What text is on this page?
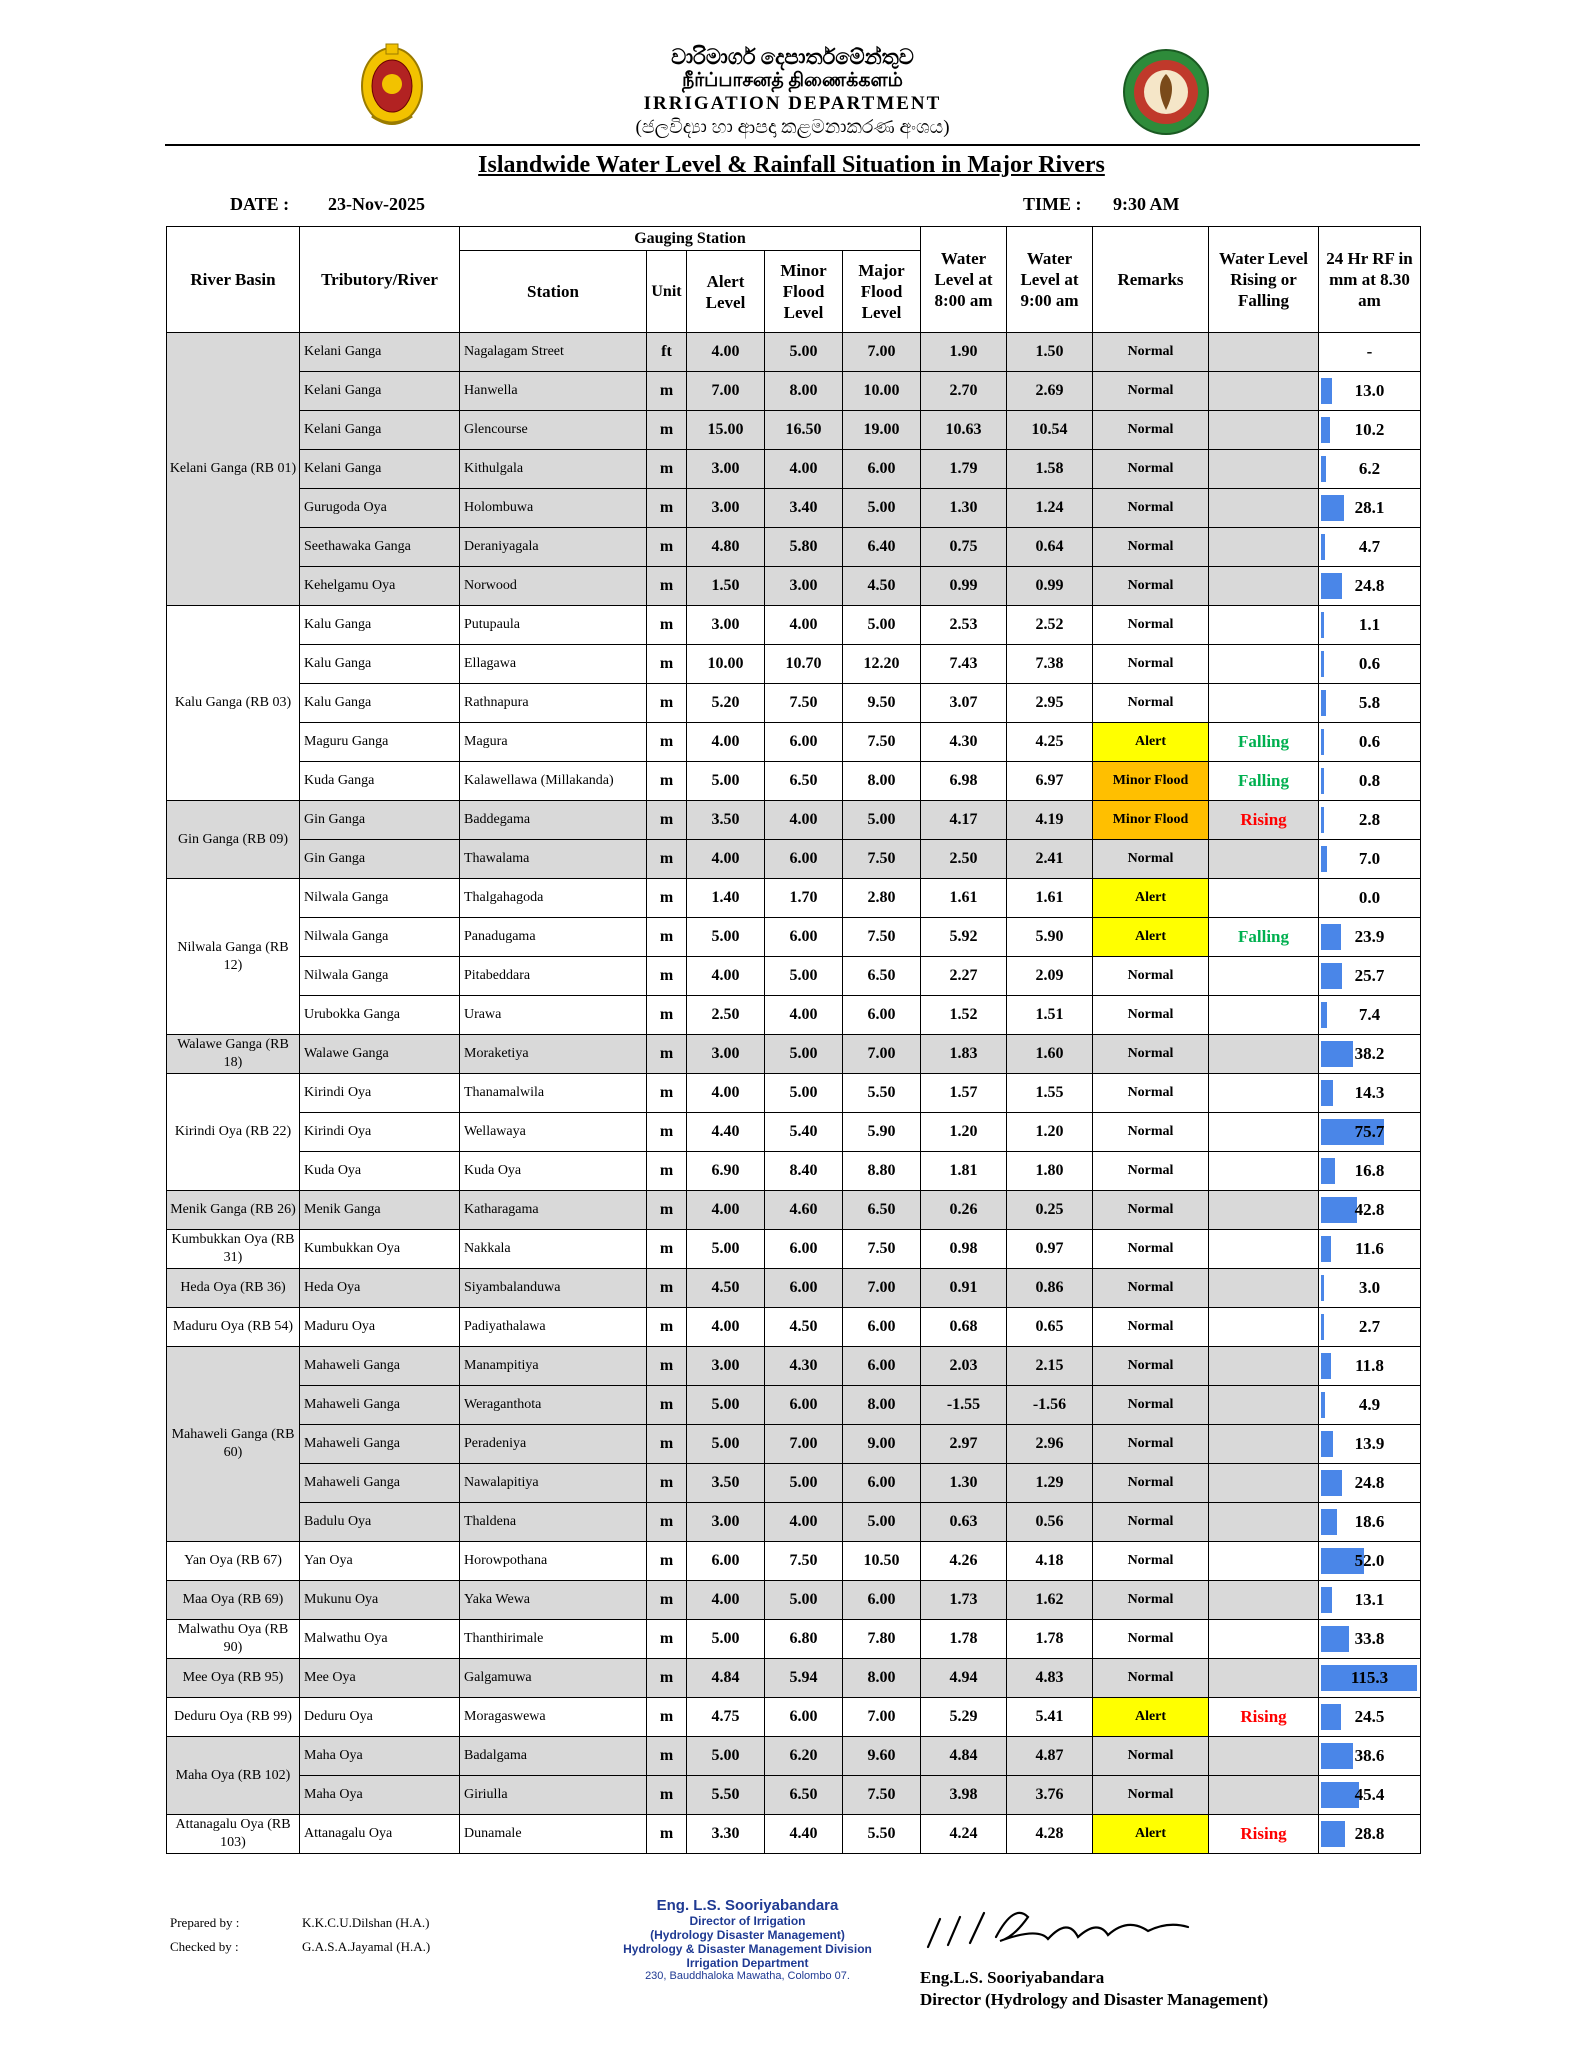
වාරිමාර්ග දෙපාර්තමේන්තුව
நீர்ப்பாசனத் திணைக்களம்
IRRIGATION DEPARTMENT
(ජලවිද්‍යා හා ආපදා කළමනාකරණ අංශය)
Islandwide Water Level & Rainfall Situation in Major Rivers
DATE : 23-Nov-2025	TIME : 9:30 AM
River Basin	Tributory/River	Gauging Station					Water Level at 8:00 am	Water Level at 9:00 am	Remarks	Water Level Rising or Falling	24 Hr RF in mm at 8.30 am
		Station	Unit	Alert Level	Minor Flood Level	Major Flood Level					
Kelani Ganga (RB 01)	Kelani Ganga	Nagalagam Street	ft	4.00	5.00	7.00	1.90	1.50	Normal		-
	Kelani Ganga	Hanwella	m	7.00	8.00	10.00	2.70	2.69	Normal		13.0
	Kelani Ganga	Glencourse	m	15.00	16.50	19.00	10.63	10.54	Normal		10.2
	Kelani Ganga	Kithulgala	m	3.00	4.00	6.00	1.79	1.58	Normal		6.2
	Gurugoda Oya	Holombuwa	m	3.00	3.40	5.00	1.30	1.24	Normal		28.1
	Seethawaka Ganga	Deraniyagala	m	4.80	5.80	6.40	0.75	0.64	Normal		4.7
	Kehelgamu Oya	Norwood	m	1.50	3.00	4.50	0.99	0.99	Normal		24.8
Kalu Ganga (RB 03)	Kalu Ganga	Putupaula	m	3.00	4.00	5.00	2.53	2.52	Normal		1.1
	Kalu Ganga	Ellagawa	m	10.00	10.70	12.20	7.43	7.38	Normal		0.6
	Kalu Ganga	Rathnapura	m	5.20	7.50	9.50	3.07	2.95	Normal		5.8
	Maguru Ganga	Magura	m	4.00	6.00	7.50	4.30	4.25	Alert	Falling	0.6
	Kuda Ganga	Kalawellawa (Millakanda)	m	5.00	6.50	8.00	6.98	6.97	Minor Flood	Falling	0.8
Gin Ganga (RB 09)	Gin Ganga	Baddegama	m	3.50	4.00	5.00	4.17	4.19	Minor Flood	Rising	2.8
	Gin Ganga	Thawalama	m	4.00	6.00	7.50	2.50	2.41	Normal		7.0
Nilwala Ganga (RB 12)	Nilwala Ganga	Thalgahagoda	m	1.40	1.70	2.80	1.61	1.61	Alert		0.0
	Nilwala Ganga	Panadugama	m	5.00	6.00	7.50	5.92	5.90	Alert	Falling	23.9
	Nilwala Ganga	Pitabeddara	m	4.00	5.00	6.50	2.27	2.09	Normal		25.7
	Urubokka Ganga	Urawa	m	2.50	4.00	6.00	1.52	1.51	Normal		7.4
Walawe Ganga (RB 18)	Walawe Ganga	Moraketiya	m	3.00	5.00	7.00	1.83	1.60	Normal		38.2
Kirindi Oya (RB 22)	Kirindi Oya	Thanamalwila	m	4.00	5.00	5.50	1.57	1.55	Normal		14.3
	Kirindi Oya	Wellawaya	m	4.40	5.40	5.90	1.20	1.20	Normal		75.7
	Kuda Oya	Kuda Oya	m	6.90	8.40	8.80	1.81	1.80	Normal		16.8
Menik Ganga (RB 26)	Menik Ganga	Katharagama	m	4.00	4.60	6.50	0.26	0.25	Normal		42.8
Kumbukkan Oya (RB 31)	Kumbukkan Oya	Nakkala	m	5.00	6.00	7.50	0.98	0.97	Normal		11.6
Heda Oya (RB 36)	Heda Oya	Siyambalanduwa	m	4.50	6.00	7.00	0.91	0.86	Normal		3.0
Maduru Oya (RB 54)	Maduru Oya	Padiyathalawa	m	4.00	4.50	6.00	0.68	0.65	Normal		2.7
Mahaweli Ganga (RB 60)	Mahaweli Ganga	Manampitiya	m	3.00	4.30	6.00	2.03	2.15	Normal		11.8
	Mahaweli Ganga	Weraganthota	m	5.00	6.00	8.00	-1.55	-1.56	Normal		4.9
	Mahaweli Ganga	Peradeniya	m	5.00	7.00	9.00	2.97	2.96	Normal		13.9
	Mahaweli Ganga	Nawalapitiya	m	3.50	5.00	6.00	1.30	1.29	Normal		24.8
	Badulu Oya	Thaldena	m	3.00	4.00	5.00	0.63	0.56	Normal		18.6
Yan Oya (RB 67)	Yan Oya	Horowpothana	m	6.00	7.50	10.50	4.26	4.18	Normal		52.0
Maa Oya (RB 69)	Mukunu Oya	Yaka Wewa	m	4.00	5.00	6.00	1.73	1.62	Normal		13.1
Malwathu Oya (RB 90)	Malwathu Oya	Thanthirimale	m	5.00	6.80	7.80	1.78	1.78	Normal		33.8
Mee Oya (RB 95)	Mee Oya	Galgamuwa	m	4.84	5.94	8.00	4.94	4.83	Normal		115.3
Deduru Oya (RB 99)	Deduru Oya	Moragaswewa	m	4.75	6.00	7.00	5.29	5.41	Alert	Rising	24.5
Maha Oya (RB 102)	Maha Oya	Badalgama	m	5.00	6.20	9.60	4.84	4.87	Normal		38.6
	Maha Oya	Giriulla	m	5.50	6.50	7.50	3.98	3.76	Normal		45.4
Attanagalu Oya (RB 103)	Attanagalu Oya	Dunamale	m	3.30	4.40	5.50	4.24	4.28	Alert	Rising	28.8
Prepared by :	K.K.C.U.Dilshan (H.A.)
Checked by :	G.A.S.A.Jayamal (H.A.)
Eng. L.S. Sooriyabandara
Director of Irrigation
(Hydrology Disaster Management)
Hydrology & Disaster Management Division
Irrigation Department
230, Bauddhaloka Mawatha, Colombo 07.	Eng.L.S. Sooriyabandara
Director (Hydrology and Disaster Management)
